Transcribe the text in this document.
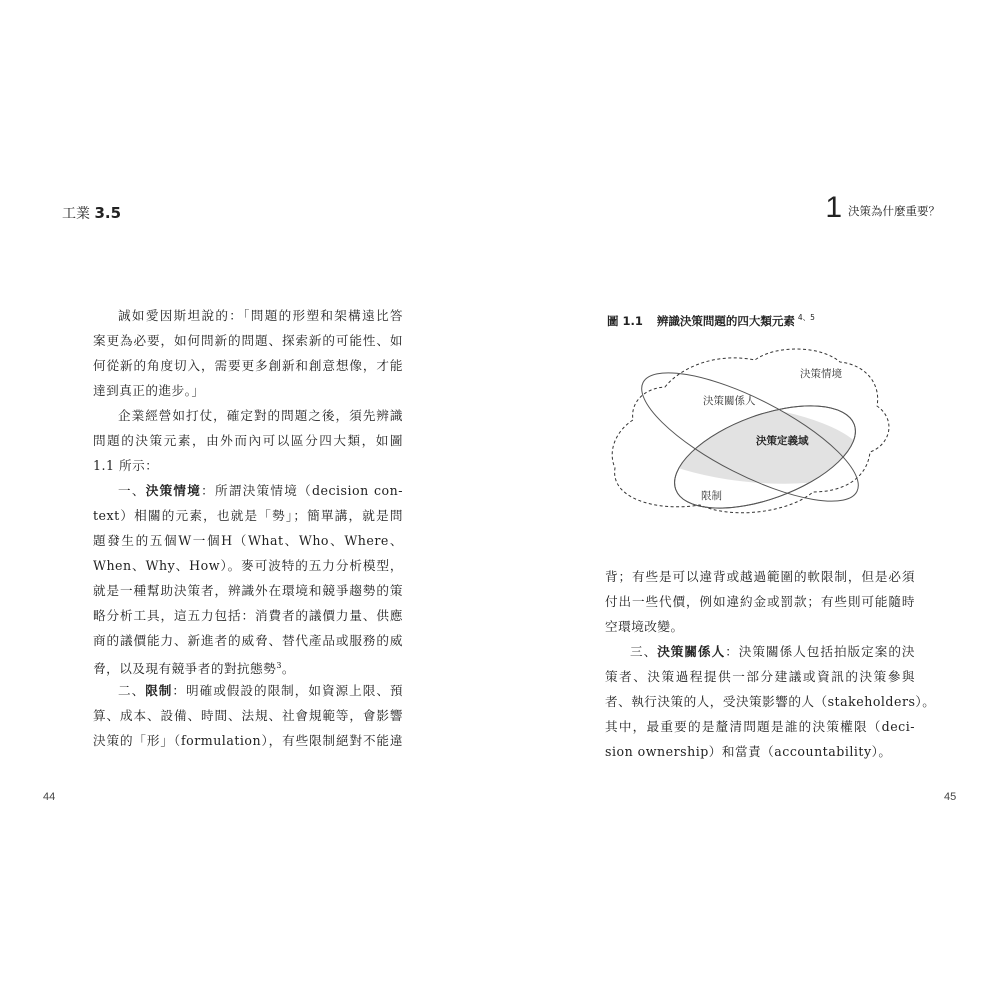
工業 3.5
誠如愛因斯坦說的：「問題的形塑和架構遠比答
案更為必要，如何問新的問題、探索新的可能性、如
何從新的角度切入，需要更多創新和創意想像，才能
達到真正的進步。」
企業經營如打仗，確定對的問題之後，須先辨識
問題的決策元素，由外而內可以區分四大類，如圖
1.1 所示：
一、決策情境：所謂決策情境（decision con-
text）相關的元素，也就是「勢」；簡單講，就是問
題發生的五個W一個H（What、Who、Where、
When、Why、How）。麥可波特的五力分析模型，
就是一種幫助決策者，辨識外在環境和競爭趨勢的策
略分析工具，這五力包括：消費者的議價力量、供應
商的議價能力、新進者的威脅、替代產品或服務的威
脅，以及現有競爭者的對抗態勢$^3$。
二、限制：明確或假設的限制，如資源上限、預
算、成本、設備、時間、法規、社會規範等，會影響
決策的「形」（formulation），有些限制絕對不能違
44
1 決策為什麼重要？
圖 1.1 辨識決策問題的四大類元素 $^{4、5}$
決策情境
決策關係人
決策定義域
限制
背；有些是可以違背或越過範圍的軟限制，但是必須
付出一些代價，例如違約金或罰款；有些則可能隨時
空環境改變。
三、決策關係人：決策關係人包括拍版定案的決
策者、決策過程提供一部分建議或資訊的決策參與
者、執行決策的人，受決策影響的人（stakeholders）。
其中，最重要的是釐清問題是誰的決策權限（deci-
sion ownership）和當責（accountability）。
45
